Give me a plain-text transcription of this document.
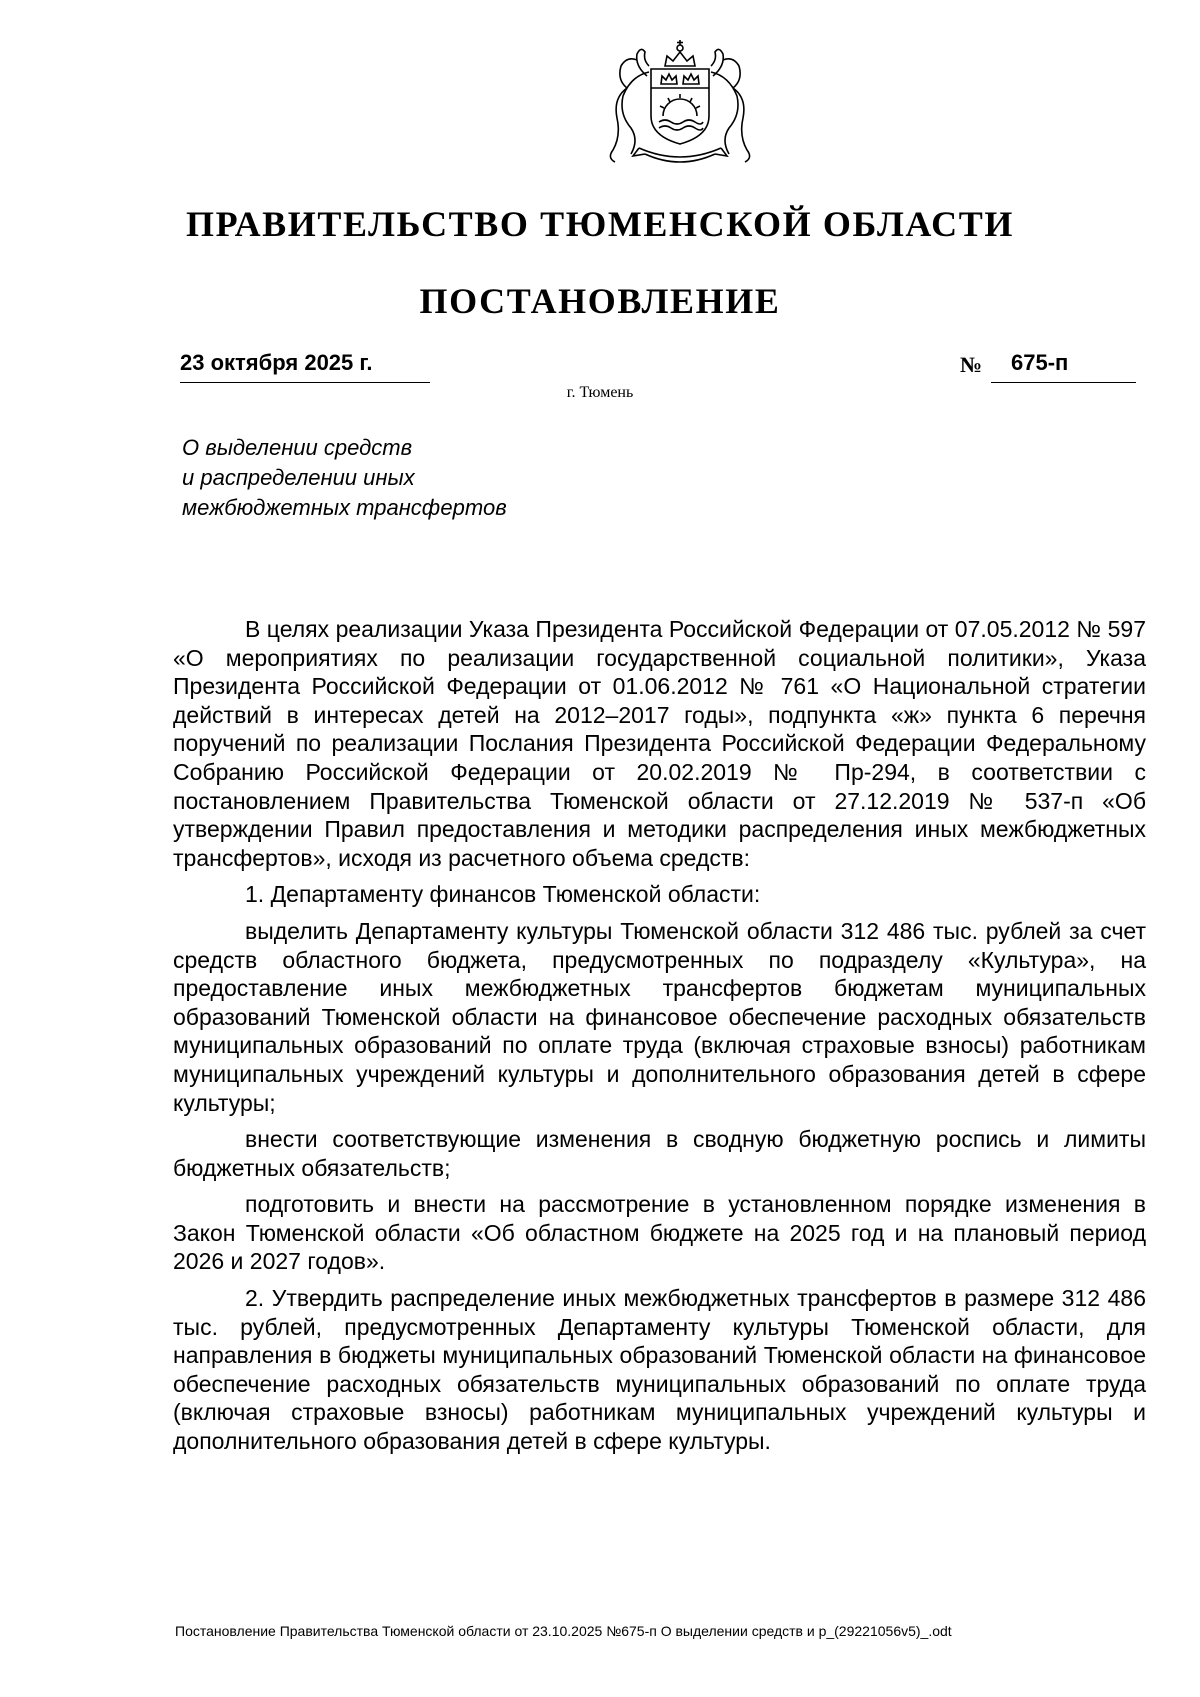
ПРАВИТЕЛЬСТВО ТЮМЕНСКОЙ ОБЛАСТИ
ПОСТАНОВЛЕНИЕ
23 октября 2025 г.	№ 675-п
г. Тюмень
О выделении средств
и распределении иных
межбюджетных трансфертов

В целях реализации Указа Президента Российской Федерации от 07.05.2012 № 597 «О мероприятиях по реализации государственной социальной политики», Указа Президента Российской Федерации от 01.06.2012 № 761 «О Национальной стратегии действий в интересах детей на 2012–2017 годы», подпункта «ж» пункта 6 перечня поручений по реализации Послания Президента Российской Федерации Федеральному Собранию Российской Федерации от 20.02.2019 № Пр-294, в соответствии с постановлением Правительства Тюменской области от 27.12.2019 № 537-п «Об утверждении Правил предоставления и методики распределения иных межбюджетных трансфертов», исходя из расчетного объема средств:

1. Департаменту финансов Тюменской области:

выделить Департаменту культуры Тюменской области 312 486 тыс. рублей за счет средств областного бюджета, предусмотренных по подразделу «Культура», на предоставление иных межбюджетных трансфертов бюджетам муниципальных образований Тюменской области на финансовое обеспечение расходных обязательств муниципальных образований по оплате труда (включая страховые взносы) работникам муниципальных учреждений культуры и дополнительного образования детей в сфере культуры;

внести соответствующие изменения в сводную бюджетную роспись и лимиты бюджетных обязательств;

подготовить и внести на рассмотрение в установленном порядке изменения в Закон Тюменской области «Об областном бюджете на 2025 год и на плановый период 2026 и 2027 годов».

2. Утвердить распределение иных межбюджетных трансфертов в размере 312 486 тыс. рублей, предусмотренных Департаменту культуры Тюменской области, для направления в бюджеты муниципальных образований Тюменской области на финансовое обеспечение расходных обязательств муниципальных образований по оплате труда (включая страховые взносы) работникам муниципальных учреждений культуры и дополнительного образования детей в сфере культуры.

Постановление Правительства Тюменской области от 23.10.2025 №675-п О выделении средств и р_(29221056v5)_.odt
